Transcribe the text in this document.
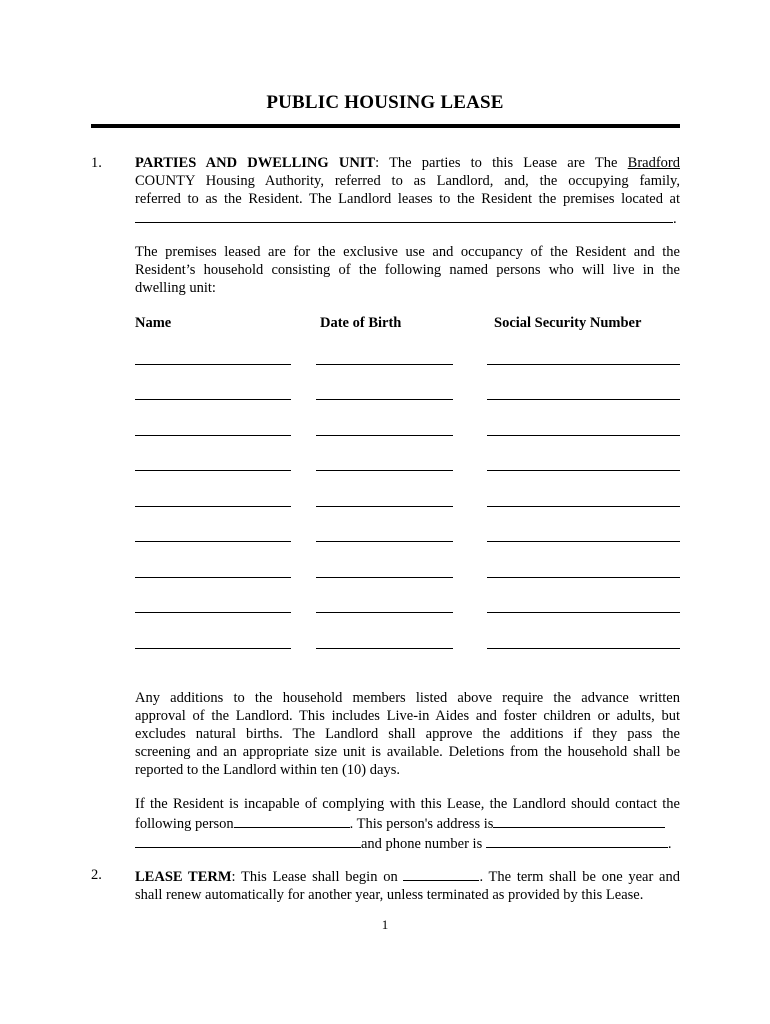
PUBLIC HOUSING LEASE
1. PARTIES AND DWELLING UNIT: The parties to this Lease are The Bradford
COUNTY Housing Authority, referred to as Landlord, and, the occupying family,
referred to as the Resident. The Landlord leases to the Resident the premises located at
.
The premises leased are for the exclusive use and occupancy of the Resident and the
Resident’s household consisting of the following named persons who will live in the
dwelling unit:
Name	Date of Birth	Social Security Number
Any additions to the household members listed above require the advance written
approval of the Landlord. This includes Live-in Aides and foster children or adults, but
excludes natural births. The Landlord shall approve the additions if they pass the
screening and an appropriate size unit is available. Deletions from the household shall be
reported to the Landlord within ten (10) days.
If the Resident is incapable of complying with this Lease, the Landlord should contact the
following person	. This person's address is
and phone number is	.
2. LEASE TERM: This Lease shall begin on	. The term shall be one year and
shall renew automatically for another year, unless terminated as provided by this Lease.
1
